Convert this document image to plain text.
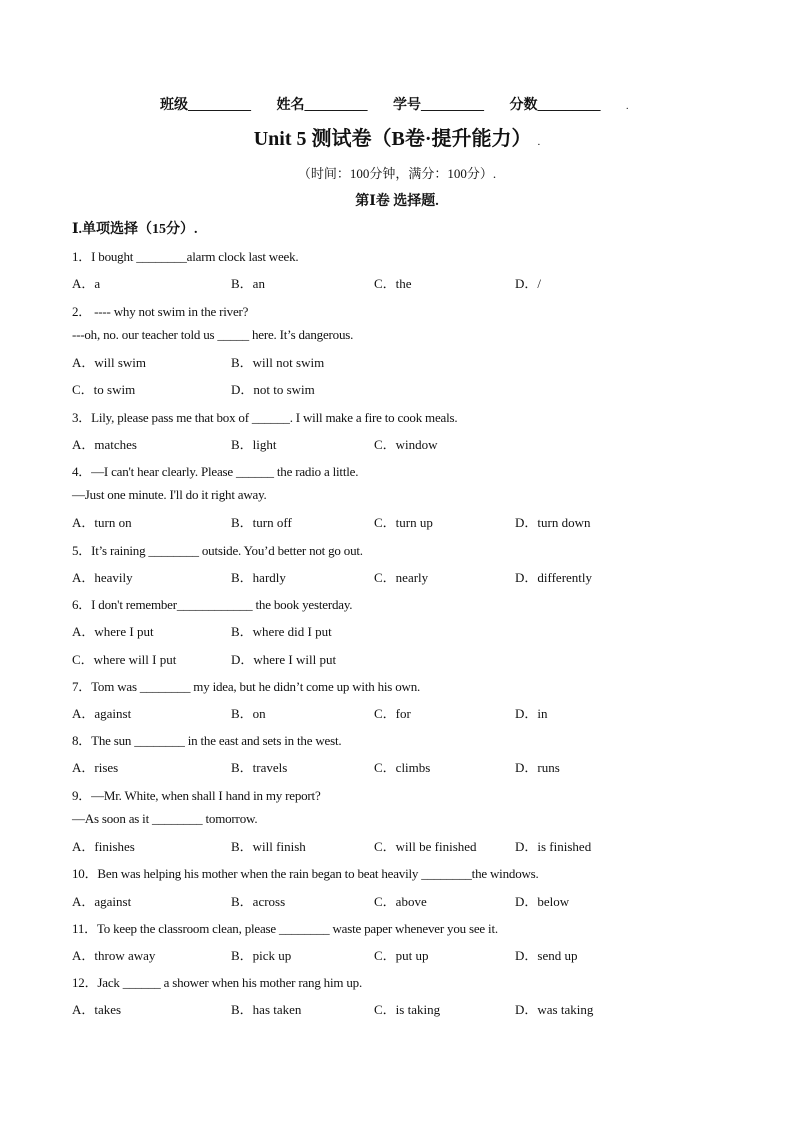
班级_________ 姓名_________ 学号_________ 分数_________	.
Unit 5 测试卷（B卷·提升能力） .
（时间：100分钟，满分：100分）.
第Ⅰ卷 选择题.
Ⅰ.单项选择（15分）.
1．I bought ________alarm clock last week.
A．a	B．an	C．the	D．/
2． ---- why not swim in the river?
---oh, no. our teacher told us _____ here. It’s dangerous.
A．will swim	B．will not swim
C．to swim	D．not to swim
3．Lily, please pass me that box of ______. I will make a fire to cook meals.
A．matches	B．light	C．window
4．—I can't hear clearly. Please ______ the radio a little.
—Just one minute. I'll do it right away.
A．turn on	B．turn off	C．turn up	D．turn down
5．It’s raining ________ outside. You’d better not go out.
A．heavily	B．hardly	C．nearly	D．differently
6．I don't remember____________ the book yesterday.
A．where I put	B．where did I put
C．where will I put	D．where I will put
7．Tom was ________ my idea, but he didn’t come up with his own.
A．against	B．on	C．for	D．in
8．The sun ________ in the east and sets in the west.
A．rises	B．travels	C．climbs	D．runs
9．—Mr. White, when shall I hand in my report?
—As soon as it ________ tomorrow.
A．finishes	B．will finish	C．will be finished	D．is finished
10．Ben was helping his mother when the rain began to beat heavily ________the windows.
A．against	B．across	C．above	D．below
11．To keep the classroom clean, please ________ waste paper whenever you see it.
A．throw away	B．pick up	C．put up	D．send up
12．Jack ______ a shower when his mother rang him up.
A．takes	B．has taken	C．is taking	D．was taking
